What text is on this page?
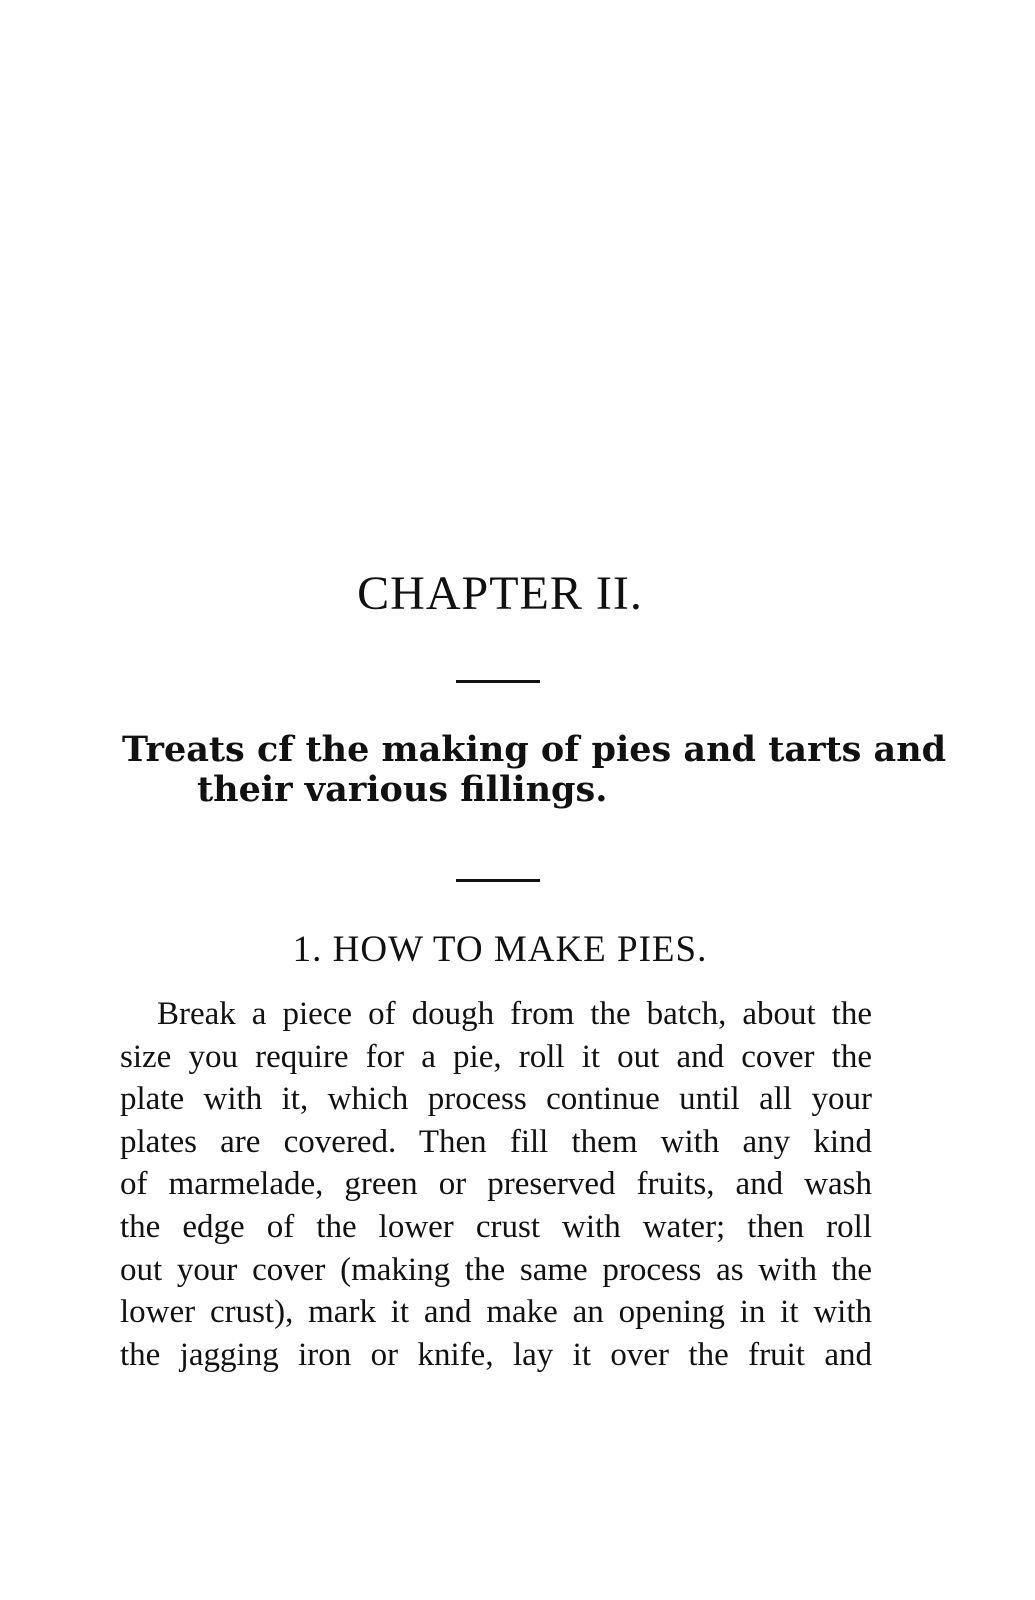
CHAPTER II.

Treats cf the making of pies and tarts and their various fillings.

1. HOW TO MAKE PIES.
Break a piece of dough from the batch, about the
size you require for a pie, roll it out and cover the
plate with it, which process continue until all your
plates are covered. Then fill them with any kind
of marmelade, green or preserved fruits, and wash
the edge of the lower crust with water; then roll
out your cover (making the same process as with the
lower crust), mark it and make an opening in it with
the jagging iron or knife, lay it over the fruit and
